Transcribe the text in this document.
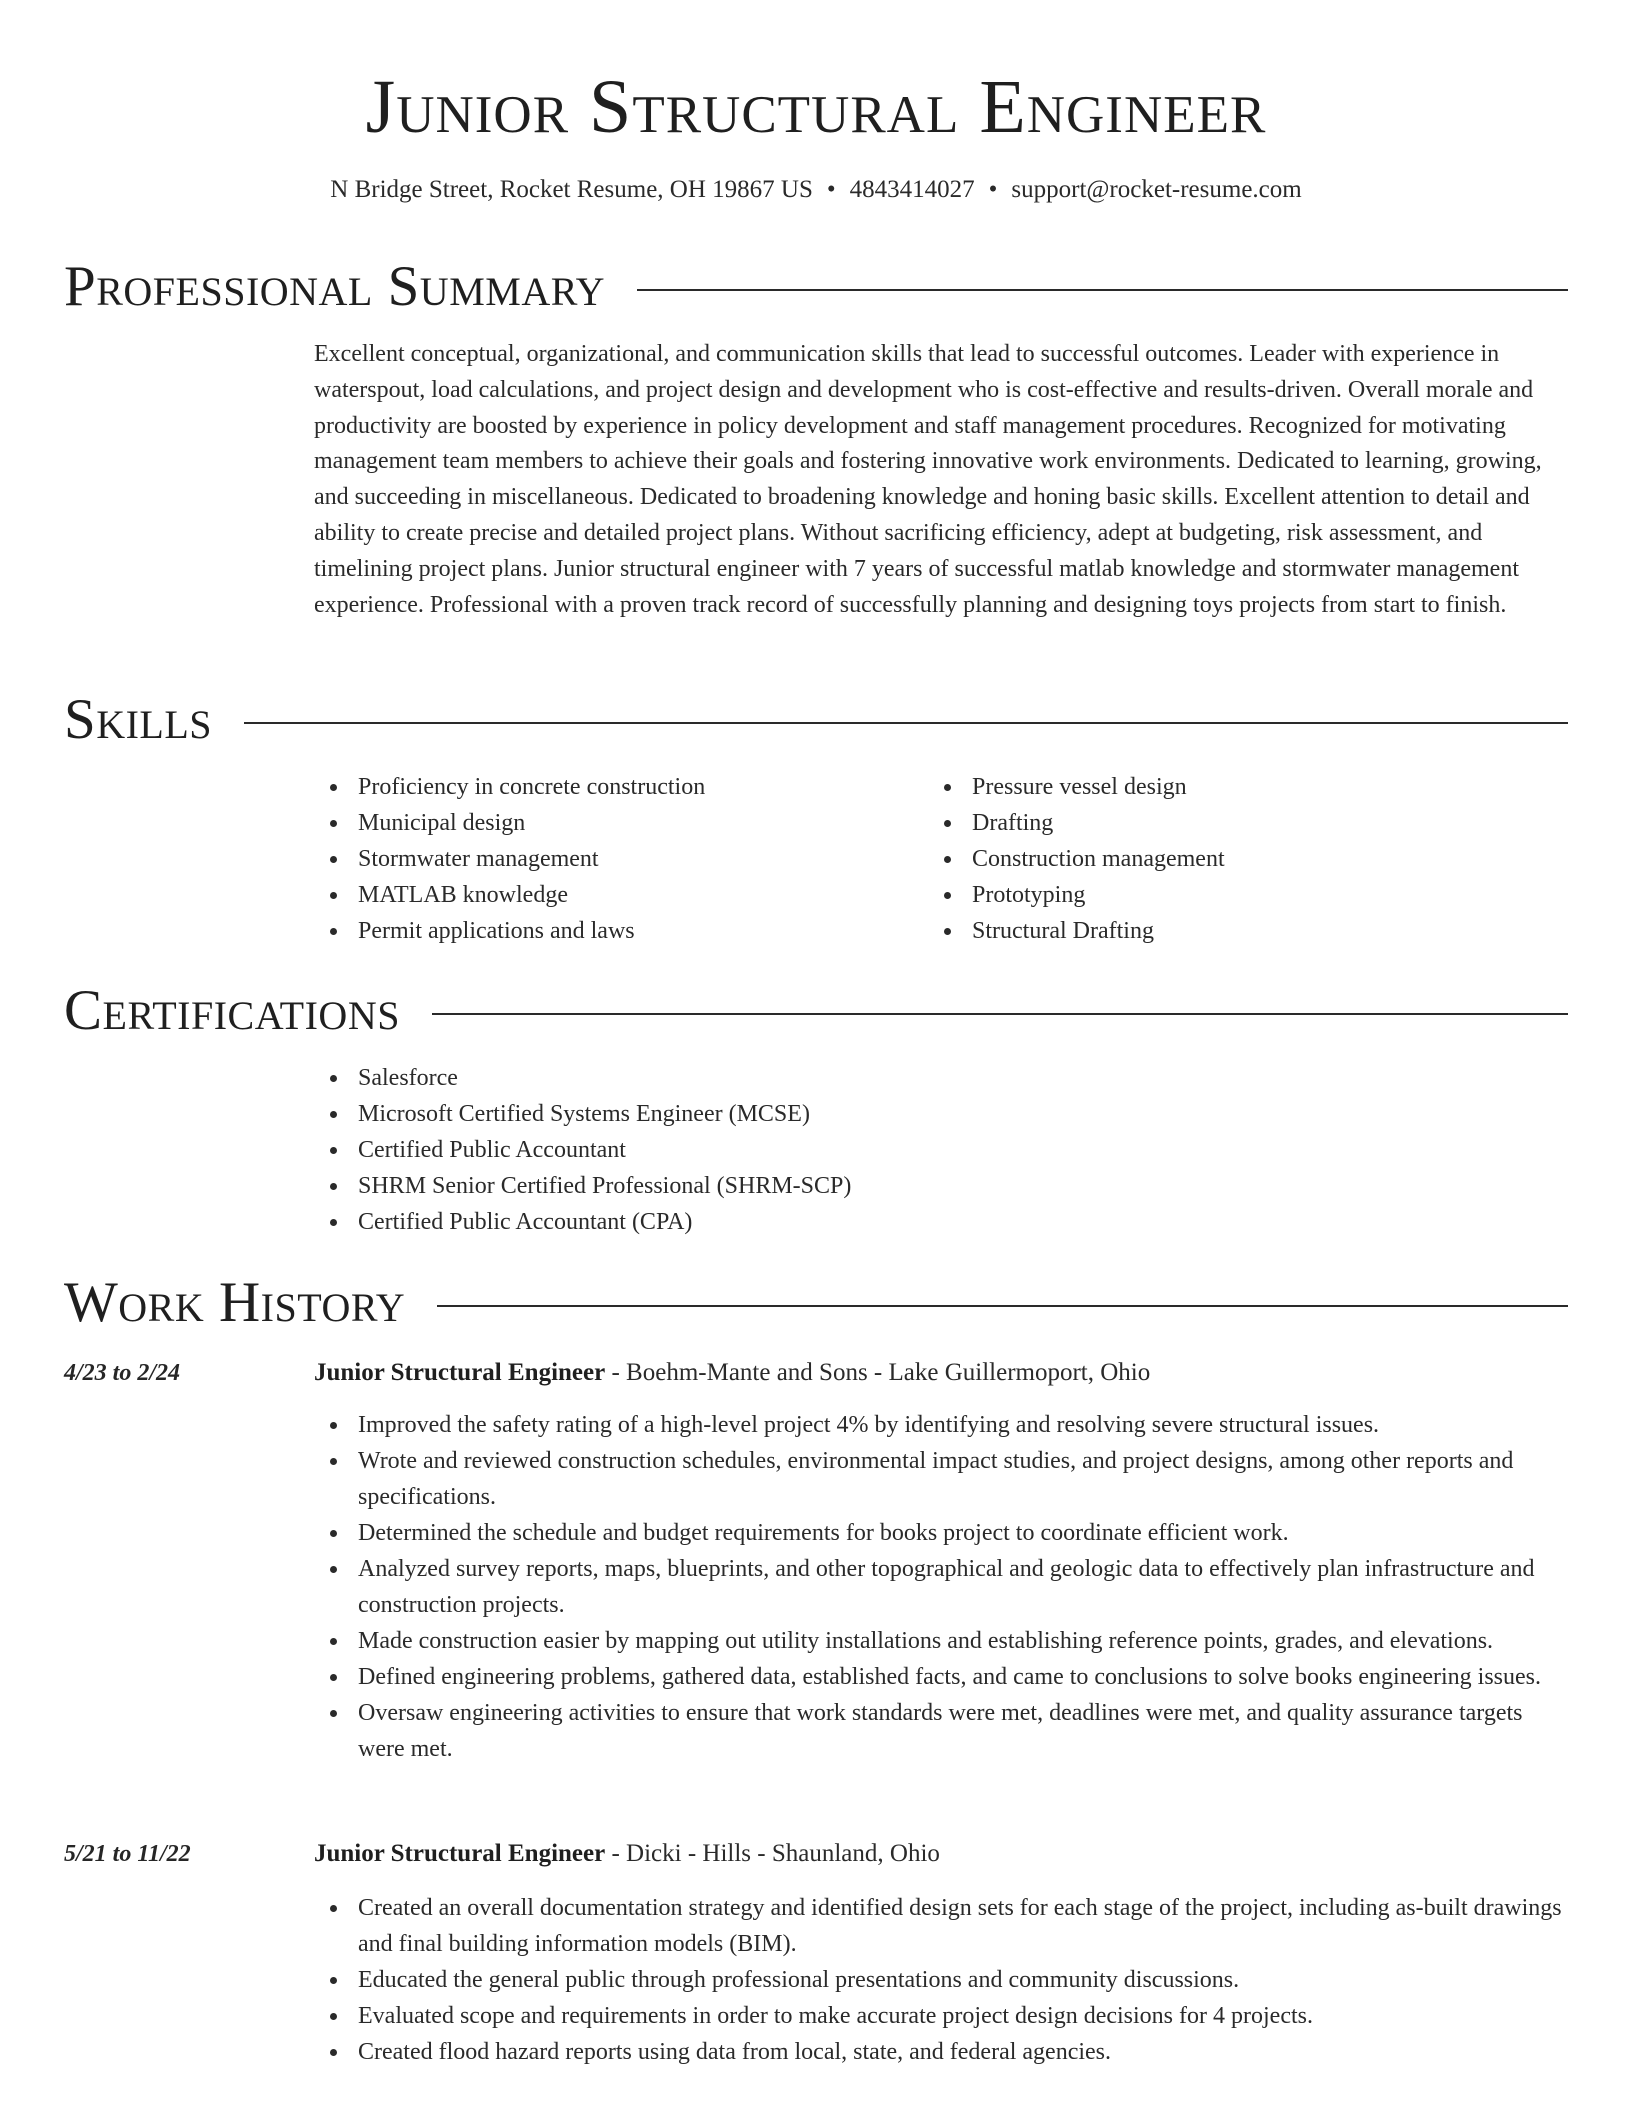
Junior Structural Engineer
N Bridge Street, Rocket Resume, OH 19867 US • 4843414027 • support@rocket-resume.com
Professional Summary
Excellent conceptual, organizational, and communication skills that lead to successful outcomes. Leader with experience in waterspout, load calculations, and project design and development who is cost-effective and results-driven. Overall morale and productivity are boosted by experience in policy development and staff management procedures. Recognized for motivating management team members to achieve their goals and fostering innovative work environments. Dedicated to learning, growing, and succeeding in miscellaneous. Dedicated to broadening knowledge and honing basic skills. Excellent attention to detail and ability to create precise and detailed project plans. Without sacrificing efficiency, adept at budgeting, risk assessment, and timelining project plans. Junior structural engineer with 7 years of successful matlab knowledge and stormwater management experience. Professional with a proven track record of successfully planning and designing toys projects from start to finish.
Skills
Proficiency in concrete construction
Municipal design
Stormwater management
MATLAB knowledge
Permit applications and laws
Pressure vessel design
Drafting
Construction management
Prototyping
Structural Drafting
Certifications
Salesforce
Microsoft Certified Systems Engineer (MCSE)
Certified Public Accountant
SHRM Senior Certified Professional (SHRM-SCP)
Certified Public Accountant (CPA)
Work History
4/23 to 2/24	Junior Structural Engineer - Boehm-Mante and Sons - Lake Guillermoport, Ohio
Improved the safety rating of a high-level project 4% by identifying and resolving severe structural issues.
Wrote and reviewed construction schedules, environmental impact studies, and project designs, among other reports and specifications.
Determined the schedule and budget requirements for books project to coordinate efficient work.
Analyzed survey reports, maps, blueprints, and other topographical and geologic data to effectively plan infrastructure and construction projects.
Made construction easier by mapping out utility installations and establishing reference points, grades, and elevations.
Defined engineering problems, gathered data, established facts, and came to conclusions to solve books engineering issues.
Oversaw engineering activities to ensure that work standards were met, deadlines were met, and quality assurance targets were met.
5/21 to 11/22	Junior Structural Engineer - Dicki - Hills - Shaunland, Ohio
Created an overall documentation strategy and identified design sets for each stage of the project, including as-built drawings and final building information models (BIM).
Educated the general public through professional presentations and community discussions.
Evaluated scope and requirements in order to make accurate project design decisions for 4 projects.
Created flood hazard reports using data from local, state, and federal agencies.
